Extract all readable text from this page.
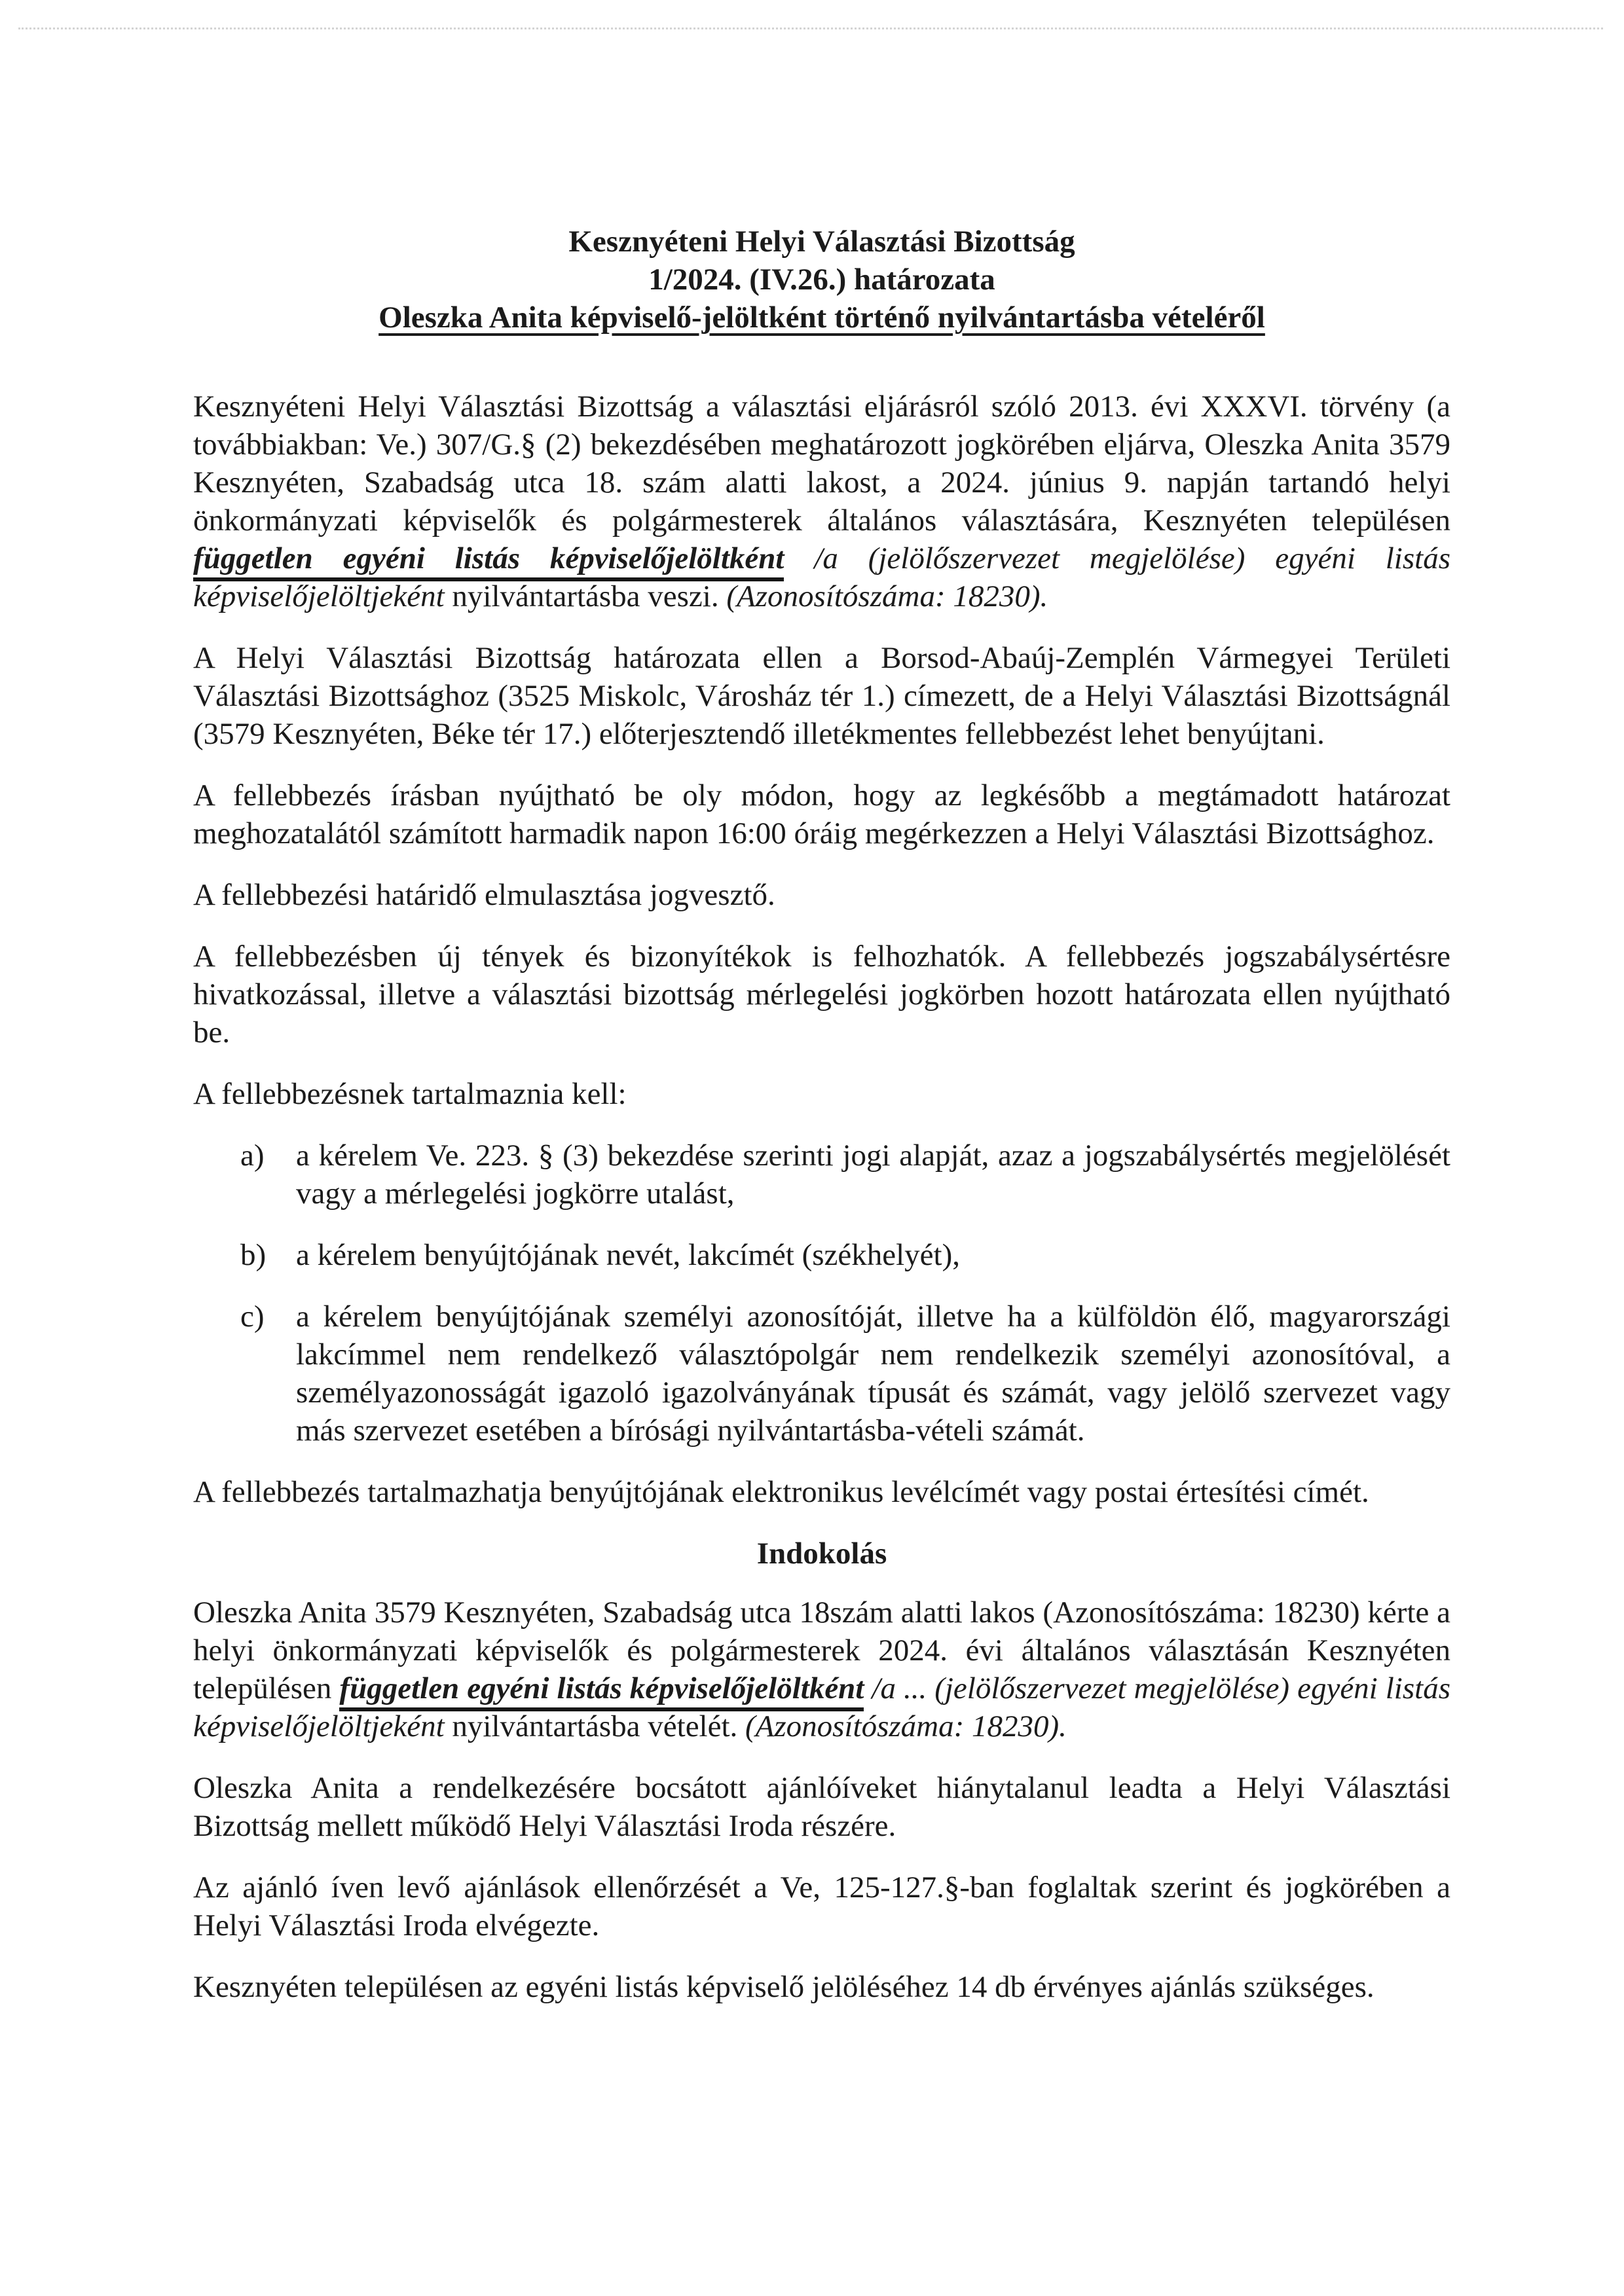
Kesznyéteni Helyi Választási Bizottság
1/2024. (IV.26.) határozata
Oleszka Anita képviselő-jelöltként történő nyilvántartásba vételéről

Kesznyéteni Helyi Választási Bizottság a választási eljárásról szóló 2013. évi XXXVI. törvény (a továbbiakban: Ve.) 307/G.§ (2) bekezdésében meghatározott jogkörében eljárva, Oleszka Anita 3579 Kesznyéten, Szabadság utca 18. szám alatti lakost, a 2024. június 9. napján tartandó helyi önkormányzati képviselők és polgármesterek általános választására, Kesznyéten településen független egyéni listás képviselőjelöltként /a (jelölőszervezet megjelölése) egyéni listás képviselőjelöltjeként nyilvántartásba veszi. (Azonosítószáma: 18230).

A Helyi Választási Bizottság határozata ellen a Borsod-Abaúj-Zemplén Vármegyei Területi Választási Bizottsághoz (3525 Miskolc, Városház tér 1.) címezett, de a Helyi Választási Bizottságnál (3579 Kesznyéten, Béke tér 17.) előterjesztendő illetékmentes fellebbezést lehet benyújtani.

A fellebbezés írásban nyújtható be oly módon, hogy az legkésőbb a megtámadott határozat meghozatalától számított harmadik napon 16:00 óráig megérkezzen a Helyi Választási Bizottsághoz.

A fellebbezési határidő elmulasztása jogvesztő.

A fellebbezésben új tények és bizonyítékok is felhozhatók. A fellebbezés jogszabálysértésre hivatkozással, illetve a választási bizottság mérlegelési jogkörben hozott határozata ellen nyújtható be.

A fellebbezésnek tartalmaznia kell:

a) a kérelem Ve. 223. § (3) bekezdése szerinti jogi alapját, azaz a jogszabálysértés megjelölését vagy a mérlegelési jogkörre utalást,
b) a kérelem benyújtójának nevét, lakcímét (székhelyét),
c) a kérelem benyújtójának személyi azonosítóját, illetve ha a külföldön élő, magyarországi lakcímmel nem rendelkező választópolgár nem rendelkezik személyi azonosítóval, a személyazonosságát igazoló igazolványának típusát és számát, vagy jelölő szervezet vagy más szervezet esetében a bírósági nyilvántartásba-vételi számát.

A fellebbezés tartalmazhatja benyújtójának elektronikus levélcímét vagy postai értesítési címét.

Indokolás

Oleszka Anita 3579 Kesznyéten, Szabadság utca 18szám alatti lakos (Azonosítószáma: 18230) kérte a helyi önkormányzati képviselők és polgármesterek 2024. évi általános választásán Kesznyéten településen független egyéni listás képviselőjelöltként /a ... (jelölőszervezet megjelölése) egyéni listás képviselőjelöltjeként nyilvántartásba vételét. (Azonosítószáma: 18230).

Oleszka Anita a rendelkezésére bocsátott ajánlóíveket hiánytalanul leadta a Helyi Választási Bizottság mellett működő Helyi Választási Iroda részére.

Az ajánló íven levő ajánlások ellenőrzését a Ve, 125-127.§-ban foglaltak szerint és jogkörében a Helyi Választási Iroda elvégezte.

Kesznyéten településen az egyéni listás képviselő jelöléséhez 14 db érvényes ajánlás szükséges.
